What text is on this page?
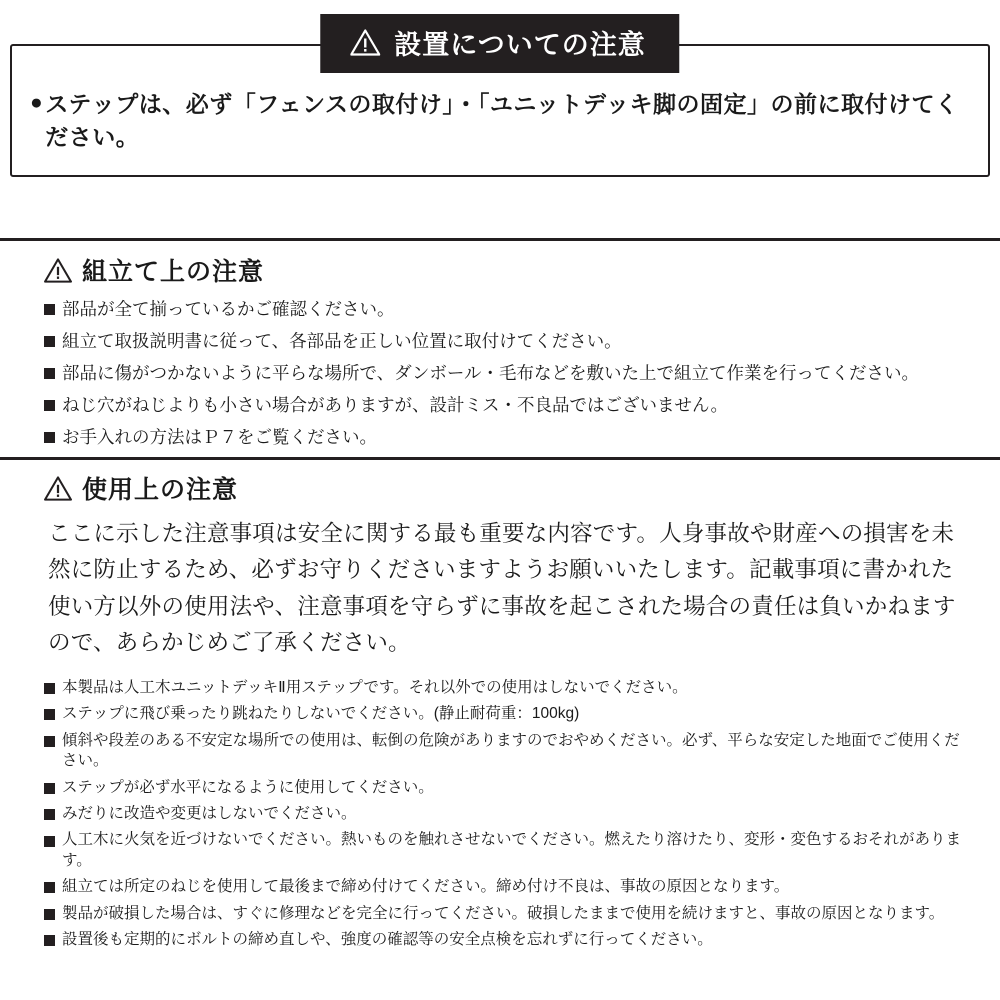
設置についての注意
● ステップは、必ず「フェンスの取付け」・「ユニットデッキ脚の固定」の前に取付けてください。
組立て上の注意
部品が全て揃っているかご確認ください。
組立て取扱説明書に従って、各部品を正しい位置に取付けてください。
部品に傷がつかないように平らな場所で、ダンボール・毛布などを敷いた上で組立て作業を行ってください。
ねじ穴がねじよりも小さい場合がありますが、設計ミス・不良品ではございません。
お手入れの方法はＰ７をご覧ください。
使用上の注意
ここに示した注意事項は安全に関する最も重要な内容です。人身事故や財産への損害を未然に防止するため、必ずお守りくださいますようお願いいたします。記載事項に書かれた使い方以外の使用法や、注意事項を守らずに事故を起こされた場合の責任は負いかねますので、あらかじめご了承ください。
本製品は人工木ユニットデッキⅡ用ステップです。それ以外での使用はしないでください。
ステップに飛び乗ったり跳ねたりしないでください。(静止耐荷重：100kg)
傾斜や段差のある不安定な場所での使用は、転倒の危険がありますのでおやめください。必ず、平らな安定した地面でご使用ください。
ステップが必ず水平になるように使用してください。
みだりに改造や変更はしないでください。
人工木に火気を近づけないでください。熱いものを触れさせないでください。燃えたり溶けたり、変形・変色するおそれがあります。
組立ては所定のねじを使用して最後まで締め付けてください。締め付け不良は、事故の原因となります。
製品が破損した場合は、すぐに修理などを完全に行ってください。破損したままで使用を続けますと、事故の原因となります。
設置後も定期的にボルトの締め直しや、強度の確認等の安全点検を忘れずに行ってください。
